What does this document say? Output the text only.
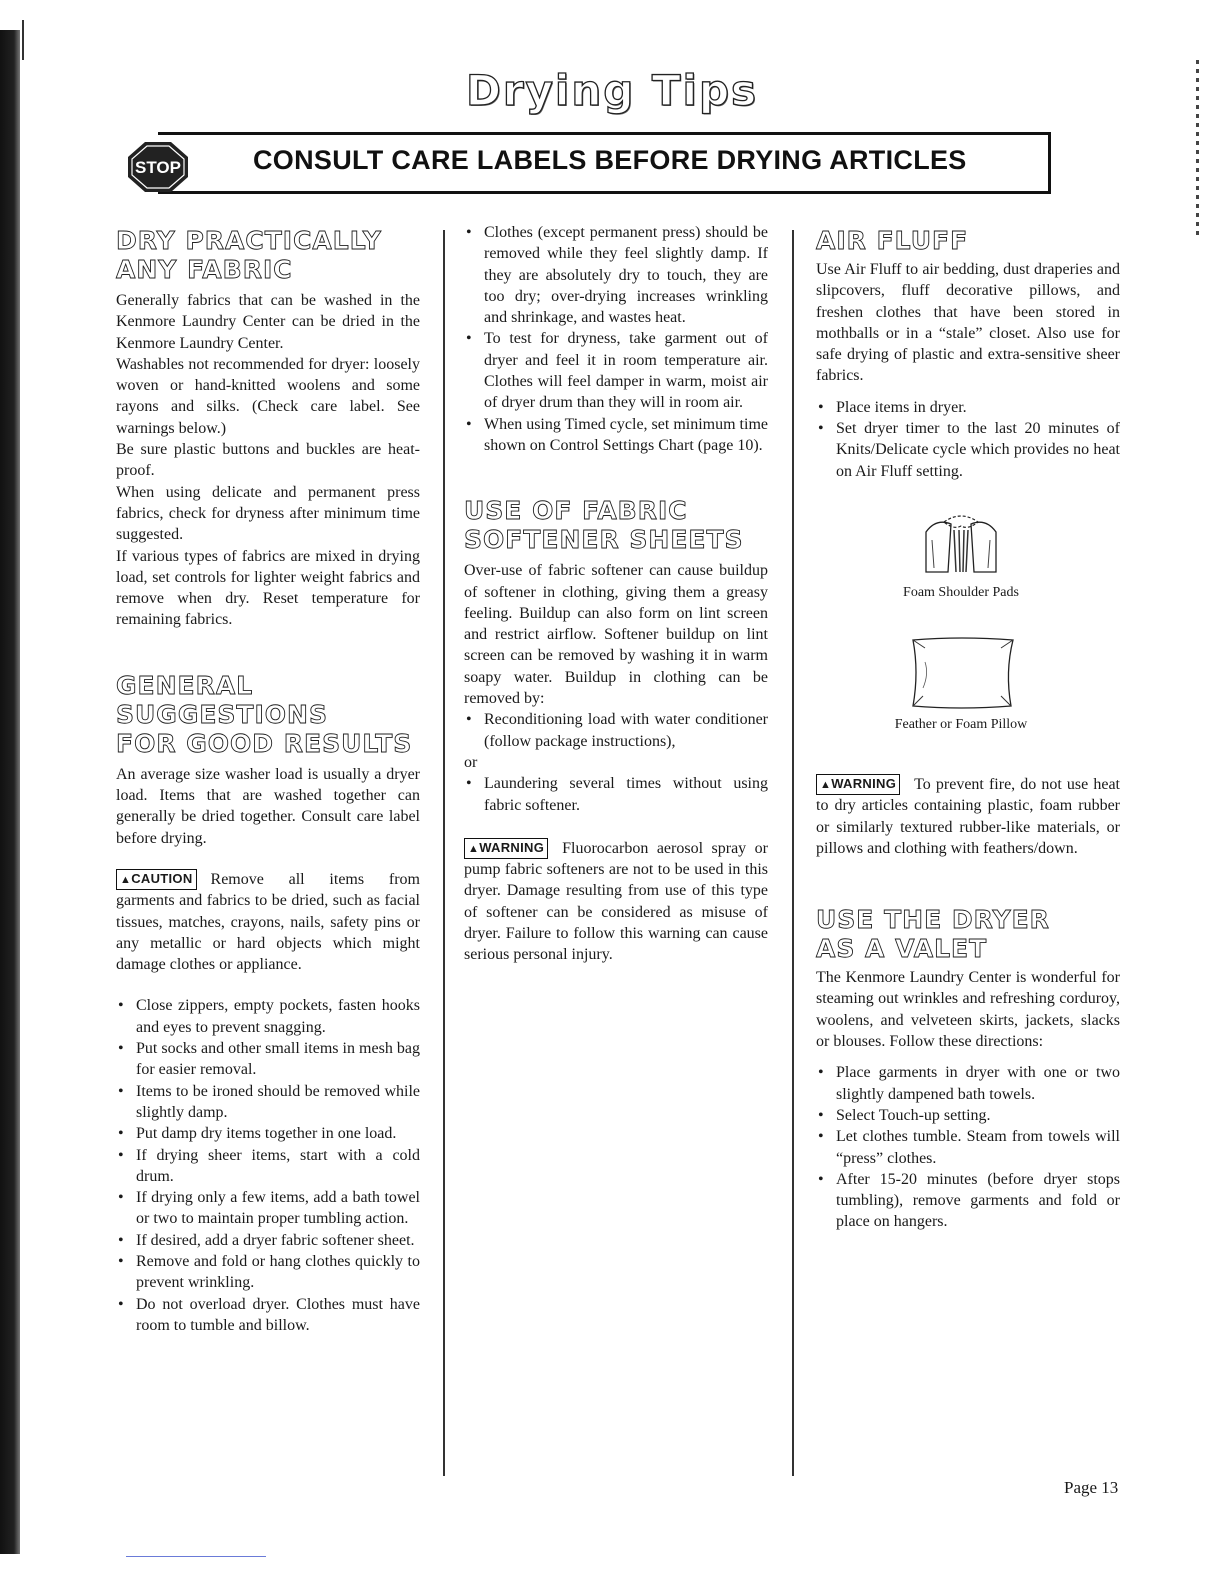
Drying Tips
CONSULT CARE LABELS BEFORE DRYING ARTICLES
STOP
DRY PRACTICALLY
ANY FABRIC

Generally fabrics that can be washed in the Kenmore Laundry Center can be dried in the Kenmore Laundry Center.

Washables not recommended for dryer: loosely woven or hand-knitted woolens and some rayons and silks. (Check care label. See warnings below.)

Be sure plastic buttons and buckles are heat-proof.

When using delicate and permanent press fabrics, check for dryness after minimum time suggested.

If various types of fabrics are mixed in drying load, set controls for lighter weight fabrics and remove when dry. Reset temperature for remaining fabrics.

GENERAL
SUGGESTIONS
FOR GOOD RESULTS

An average size washer load is usually a dryer load. Items that are washed together can generally be dried together. Consult care label before drying.

▲CAUTION Remove all items from garments and fabrics to be dried, such as facial tissues, matches, crayons, nails, safety pins or any metallic or hard objects which might damage clothes or appliance.

• Close zippers, empty pockets, fasten hooks and eyes to prevent snagging.
• Put socks and other small items in mesh bag for easier removal.
• Items to be ironed should be removed while slightly damp.
• Put damp dry items together in one load.
• If drying sheer items, start with a cold drum.
• If drying only a few items, add a bath towel or two to maintain proper tumbling action.
• If desired, add a dryer fabric softener sheet.
• Remove and fold or hang clothes quickly to prevent wrinkling.
• Do not overload dryer. Clothes must have room to tumble and billow.
• Clothes (except permanent press) should be removed while they feel slightly damp. If they are absolutely dry to touch, they are too dry; over-drying increases wrinkling and shrinkage, and wastes heat.
• To test for dryness, take garment out of dryer and feel it in room temperature air. Clothes will feel damper in warm, moist air of dryer drum than they will in room air.
• When using Timed cycle, set minimum time shown on Control Settings Chart (page 10).
USE OF FABRIC
SOFTENER SHEETS

Over-use of fabric softener can cause buildup of softener in clothing, giving them a greasy feeling. Buildup can also form on lint screen and restrict airflow. Softener buildup on lint screen can be removed by washing it in warm soapy water. Buildup in clothing can be removed by:

• Reconditioning load with water conditioner (follow package instructions),

or

• Laundering several times without using fabric softener.

▲WARNING Fluorocarbon aerosol spray or pump fabric softeners are not to be used in this dryer. Damage resulting from use of this type of softener can be considered as misuse of dryer. Failure to follow this warning can cause serious personal injury.

AIR FLUFF

Use Air Fluff to air bedding, dust draperies and slipcovers, fluff decorative pillows, and freshen clothes that have been stored in mothballs or in a “stale” closet. Also use for safe drying of plastic and extra-sensitive sheer fabrics.

• Place items in dryer.
• Set dryer timer to the last 20 minutes of Knits/Delicate cycle which provides no heat on Air Fluff setting.
Foam Shoulder Pads
Feather or Foam Pillow

▲WARNING To prevent fire, do not use heat to dry articles containing plastic, foam rubber or similarly textured rubber-like materials, or pillows and clothing with feathers/down.

USE THE DRYER
AS A VALET

The Kenmore Laundry Center is wonderful for steaming out wrinkles and refreshing corduroy, woolens, and velveteen skirts, jackets, slacks or blouses. Follow these directions:

• Place garments in dryer with one or two slightly dampened bath towels.
• Select Touch-up setting.
• Let clothes tumble. Steam from towels will “press” clothes.
• After 15-20 minutes (before dryer stops tumbling), remove garments and fold or place on hangers.
Page 13
